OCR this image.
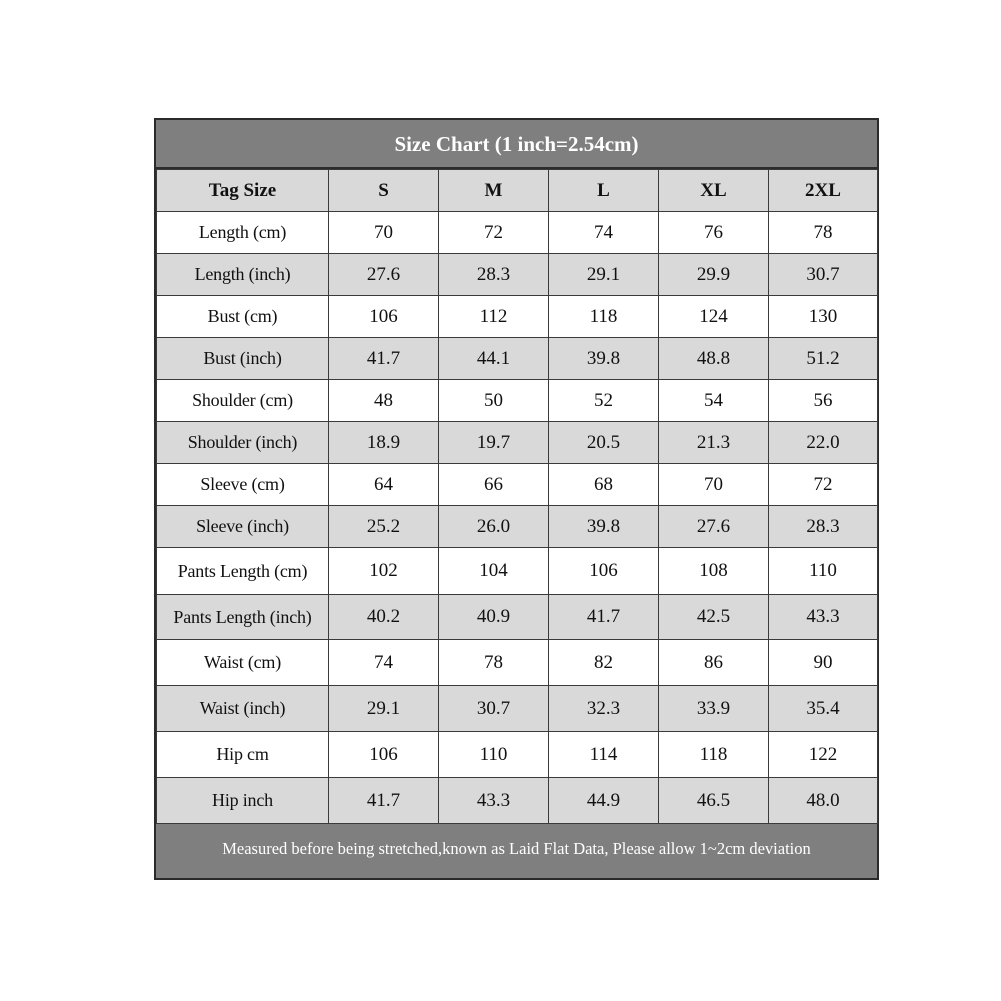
Size Chart (1 inch=2.54cm)
Tag Size	S	M	L	XL	2XL
Length (cm)	70	72	74	76	78
Length (inch)	27.6	28.3	29.1	29.9	30.7
Bust (cm)	106	112	118	124	130
Bust (inch)	41.7	44.1	39.8	48.8	51.2
Shoulder (cm)	48	50	52	54	56
Shoulder (inch)	18.9	19.7	20.5	21.3	22.0
Sleeve (cm)	64	66	68	70	72
Sleeve (inch)	25.2	26.0	39.8	27.6	28.3
Pants Length (cm)	102	104	106	108	110
Pants Length (inch)	40.2	40.9	41.7	42.5	43.3
Waist (cm)	74	78	82	86	90
Waist (inch)	29.1	30.7	32.3	33.9	35.4
Hip cm	106	110	114	118	122
Hip inch	41.7	43.3	44.9	46.5	48.0
Measured before being stretched,known as Laid Flat Data, Please allow 1~2cm deviation
